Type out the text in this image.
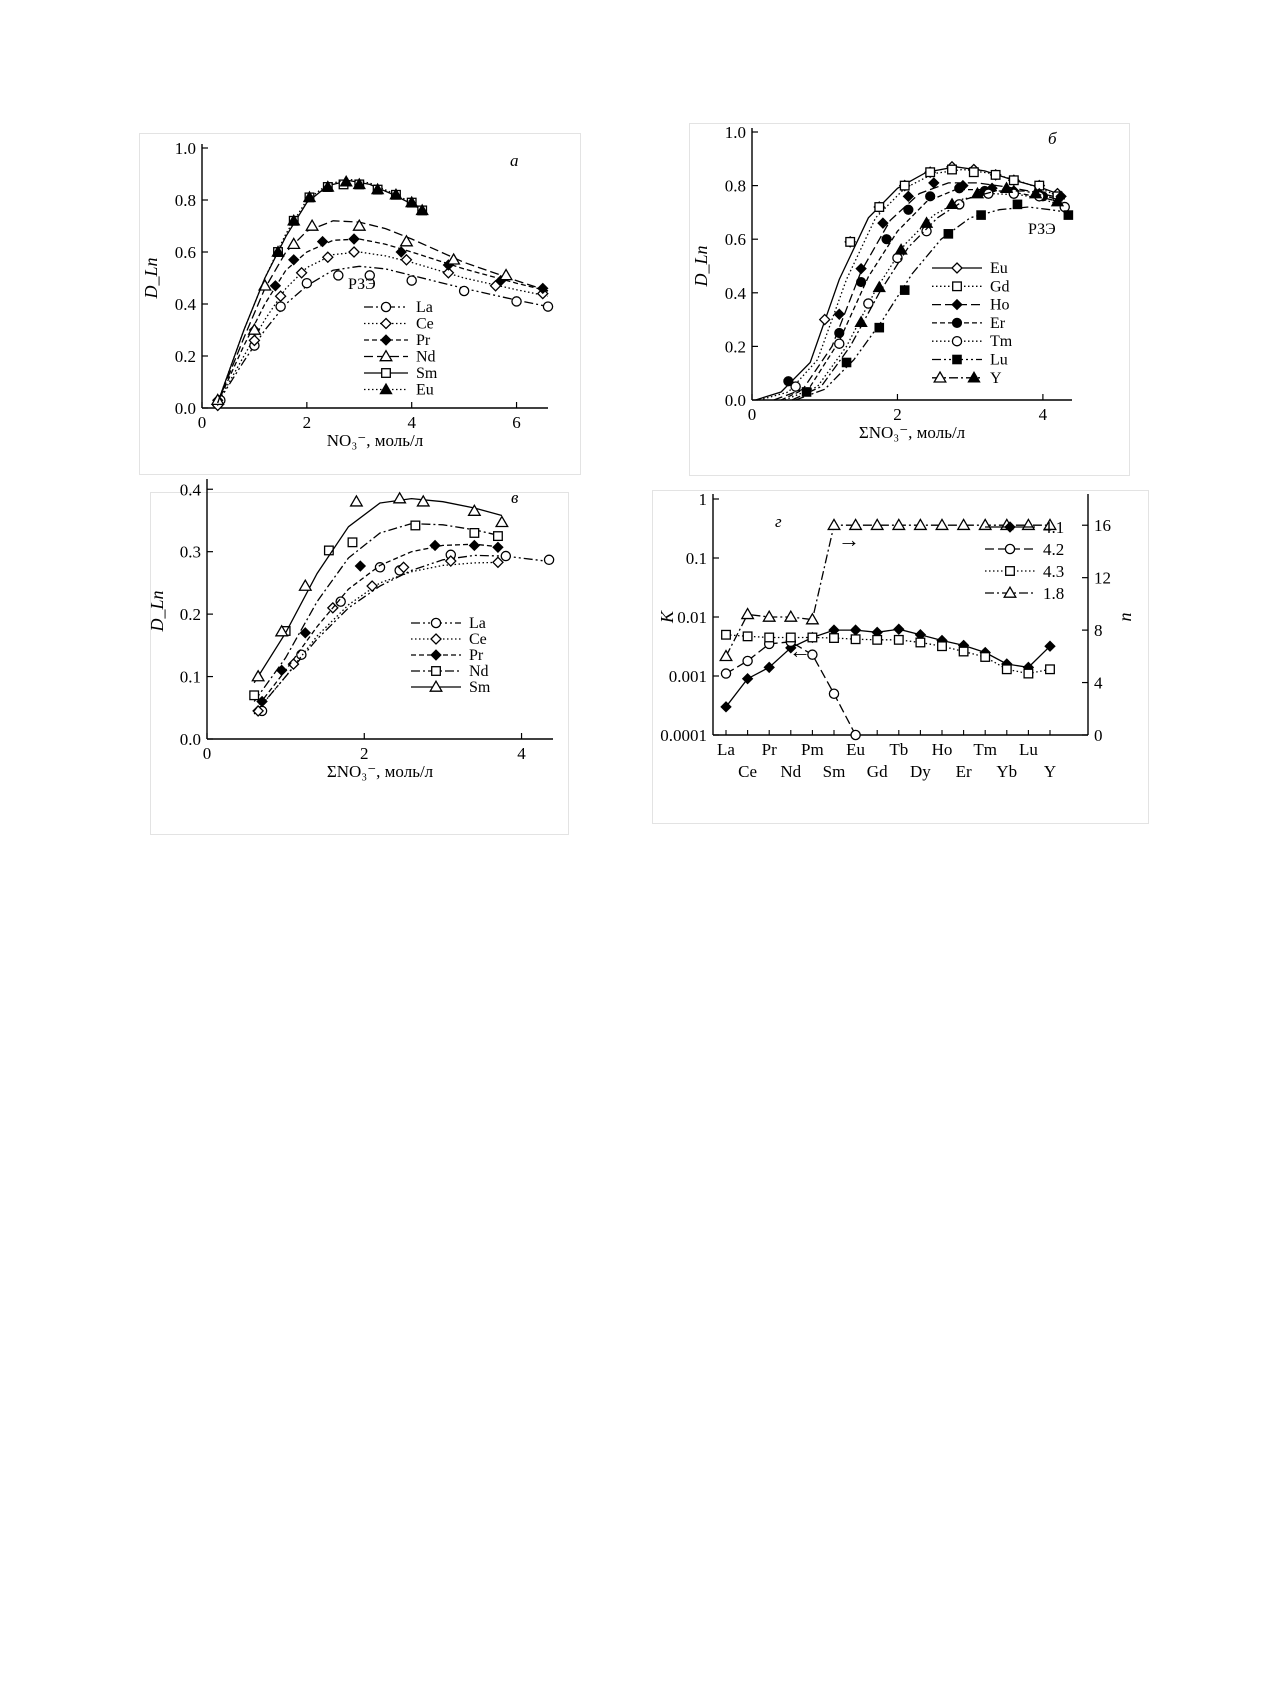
0.0
0.2
0.4
0.6
0.8
1.0
0	2	4	6
NO₃⁻, моль/л
D_Ln
а
РЗЭ
La
Ce
Pr
Nd
Sm
Eu
0.0
0.2
0.4
0.6
0.8
1.0
0	2	4
ΣNO₃⁻, моль/л
D_Ln
б
РЗЭ
Eu
Gd
Ho
Er
Tm
Lu
Y
0.0
0.1
0.2
0.3
0.4
0	2	4
ΣNO₃⁻, моль/л
D_Ln
в
La
Ce
Pr
Nd
Sm
0.0001
0.001
0.01
0.1
1
0
4
8
12
16
La Pr Pm Eu Tb Ho Tm Lu
Ce Nd Sm Gd Dy Er Yb Y
K	n
г
→
←
4.1
4.2
4.3
1.8
